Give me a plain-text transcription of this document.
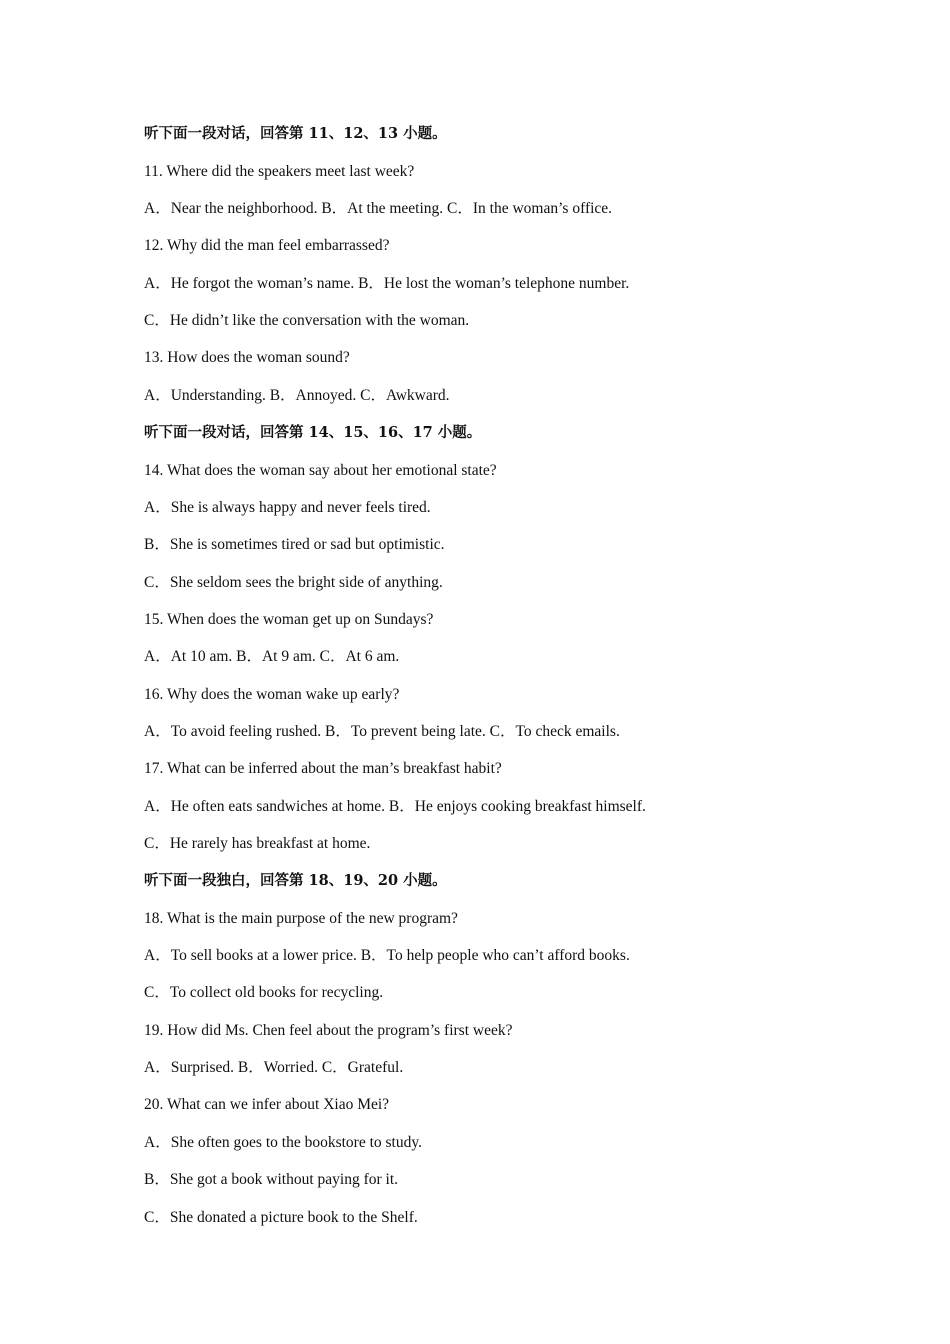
听下面一段对话，回答第 11、12、13 小题。
11. Where did the speakers meet last week?
A．Near the neighborhood. B．At the meeting. C．In the woman’s office.
12. Why did the man feel embarrassed?
A．He forgot the woman’s name. B．He lost the woman’s telephone number.
C．He didn’t like the conversation with the woman.
13. How does the woman sound?
A．Understanding. B．Annoyed. C．Awkward.
听下面一段对话，回答第 14、15、16、17 小题。
14. What does the woman say about her emotional state?
A．She is always happy and never feels tired.
B．She is sometimes tired or sad but optimistic.
C．She seldom sees the bright side of anything.
15. When does the woman get up on Sundays?
A．At 10 am. B．At 9 am. C．At 6 am.
16. Why does the woman wake up early?
A．To avoid feeling rushed. B．To prevent being late. C．To check emails.
17. What can be inferred about the man’s breakfast habit?
A．He often eats sandwiches at home. B．He enjoys cooking breakfast himself.
C．He rarely has breakfast at home.
听下面一段独白，回答第 18、19、20 小题。
18. What is the main purpose of the new program?
A．To sell books at a lower price. B．To help people who can’t afford books.
C．To collect old books for recycling.
19. How did Ms. Chen feel about the program’s first week?
A．Surprised. B．Worried. C．Grateful.
20. What can we infer about Xiao Mei?
A．She often goes to the bookstore to study.
B．She got a book without paying for it.
C．She donated a picture book to the Shelf.
